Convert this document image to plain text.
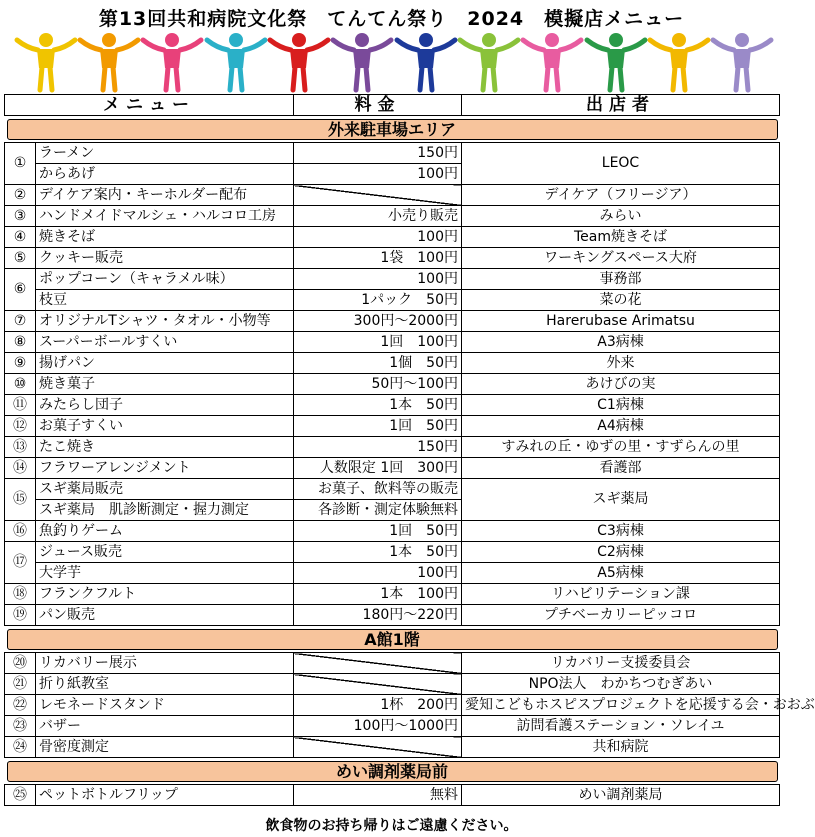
第13回共和病院文化祭　てんてん祭り　2024　模擬店メニュー
メニュー		料金	出店者

外来駐車場エリア			

①	ラーメン	150円	LEOC
	からあげ	100円	
②	デイケア案内・キーホルダー配布		デイケア（フリージア）
③	ハンドメイドマルシェ・ハルコロ工房	小売り販売	みらい
④	焼きそば	100円	Team焼きそば
⑤	クッキー販売	1袋　100円	ワーキングスペース大府
⑥	ポップコーン（キャラメル味）	100円	事務部
	枝豆	1パック　50円	菜の花
⑦	オリジナルTシャツ・タオル・小物等	300円～2000円	Harerubase Arimatsu
⑧	スーパーボールすくい	1回　100円	A3病棟
⑨	揚げパン	1個　50円	外来
⑩	焼き菓子	50円～100円	あけびの実
⑪	みたらし団子	1本　50円	C1病棟
⑫	お菓子すくい	1回　50円	A4病棟
⑬	たこ焼き	150円	すみれの丘・ゆずの里・すずらんの里
⑭	フラワーアレンジメント	人数限定 1回　300円	看護部
⑮	スギ薬局販売	お菓子、飲料等の販売	スギ薬局
	スギ薬局　肌診断測定・握力測定	各診断・測定体験無料	
⑯	魚釣りゲーム	1回　50円	C3病棟
⑰	ジュース販売	1本　50円	C2病棟
	大学芋	100円	A5病棟
⑱	フランクフルト	1本　100円	リハビリテーション課
⑲	パン販売	180円～220円	プチベーカリーピッコロ

A館1階			

⑳	リカバリー展示		リカバリー支援委員会
㉑	折り紙教室		NPO法人　わかちつむぎあい
㉒	レモネードスタンド	1杯　200円	愛知こどもホスピスプロジェクトを応援する会・おおぶ
㉓	バザー	100円～1000円	訪問看護ステーション・ソレイユ
㉔	骨密度測定		共和病院

めい調剤薬局前			

㉕	ペットボトルフリップ	無料	めい調剤薬局
飲食物のお持ち帰りはご遠慮ください。
